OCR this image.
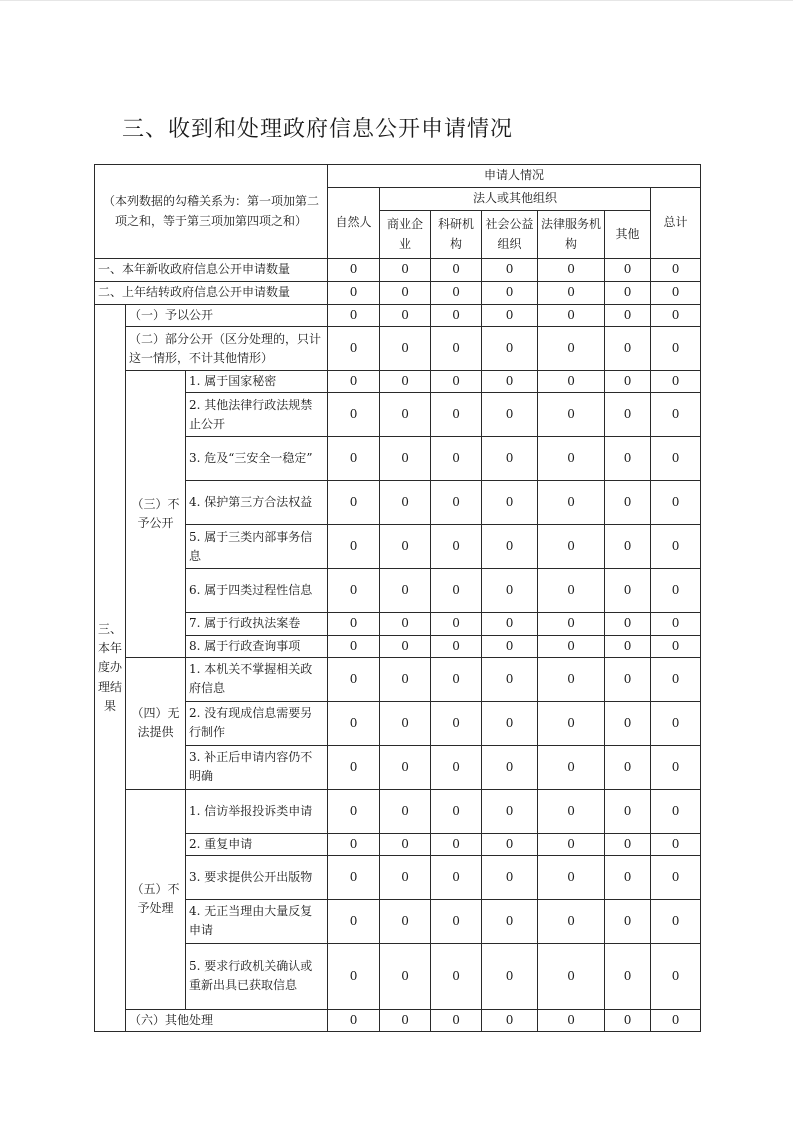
三、收到和处理政府信息公开申请情况
（本列数据的勾稽关系为：第一项加第二项之和，等于第三项加第四项之和）			申请人情况						
			自然人	法人或其他组织					总计
				商业企业	科研机构	社会公益组织	法律服务机构	其他	
一、本年新收政府信息公开申请数量			0	0	0	0	0	0	0
二、上年结转政府信息公开申请数量			0	0	0	0	0	0	0
三、本年度办理结果	（一）予以公开		0	0	0	0	0	0	0
	（二）部分公开（区分处理的，只计这一情形，不计其他情形）		0	0	0	0	0	0	0
	（三）不予公开	1. 属于国家秘密	0	0	0	0	0	0	0
		2. 其他法律行政法规禁止公开	0	0	0	0	0	0	0
		3. 危及“三安全一稳定”	0	0	0	0	0	0	0
		4. 保护第三方合法权益	0	0	0	0	0	0	0
		5. 属于三类内部事务信息	0	0	0	0	0	0	0
		6. 属于四类过程性信息	0	0	0	0	0	0	0
		7. 属于行政执法案卷	0	0	0	0	0	0	0
		8. 属于行政查询事项	0	0	0	0	0	0	0
	（四）无法提供	1. 本机关不掌握相关政府信息	0	0	0	0	0	0	0
		2. 没有现成信息需要另行制作	0	0	0	0	0	0	0
		3. 补正后申请内容仍不明确	0	0	0	0	0	0	0
	（五）不予处理	1. 信访举报投诉类申请	0	0	0	0	0	0	0
		2. 重复申请	0	0	0	0	0	0	0
		3. 要求提供公开出版物	0	0	0	0	0	0	0
		4. 无正当理由大量反复申请	0	0	0	0	0	0	0
		5. 要求行政机关确认或重新出具已获取信息	0	0	0	0	0	0	0
	（六）其他处理		0	0	0	0	0	0	0
